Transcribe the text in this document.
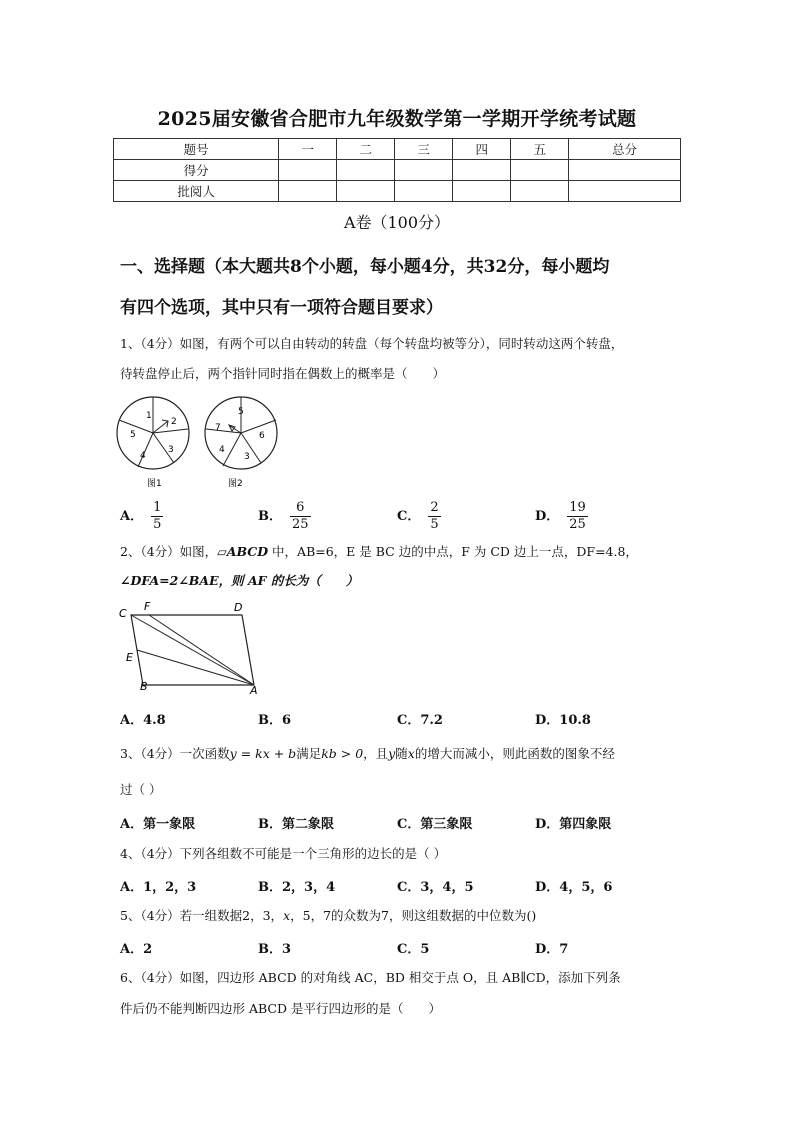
2025届安徽省合肥市九年级数学第一学期开学统考试题
题号	一	二	三	四	五	总分
得分						
批阅人						
A卷（100分）
一、选择题（本大题共8个小题，每小题4分，共32分，每小题均
有四个选项，其中只有一项符合题目要求）
1、（4分）如图，有两个可以自由转动的转盘（每个转盘均被等分），同时转动这两个转盘，
待转盘停止后，两个指针同时指在偶数上的概率是（　　）
1
2
3
4
5
图1
7
6
3
4
5
图2
A． $\frac{1}{5}$	B． $\frac{6}{25}$	C． $\frac{2}{5}$	D． $\frac{19}{25}$
2、（4分）如图，▱ABCD 中，AB=6，E 是 BC 边的中点，F 为 CD 边上一点，DF=4.8，
∠DFA=2∠BAE，则 AF 的长为（　　）
C
F	D
E
B	A
A．4.8	B．6	C．7.2	D．10.8
3、（4分）一次函数y = kx + b满足kb > 0，且y随x的增大而减小，则此函数的图象不经
过（ ）
A．第一象限	B．第二象限	C．第三象限	D．第四象限
4、（4分）下列各组数不可能是一个三角形的边长的是（ ）
A．1，2，3	B．2，3，4	C．3，4，5	D．4，5，6
5、（4分）若一组数据2，3，x，5，7的众数为7，则这组数据的中位数为()
A．2	B．3	C．5	D．7
6、（4分）如图，四边形 ABCD 的对角线 AC，BD 相交于点 O，且 AB∥CD，添加下列条
件后仍不能判断四边形 ABCD 是平行四边形的是（　　）
